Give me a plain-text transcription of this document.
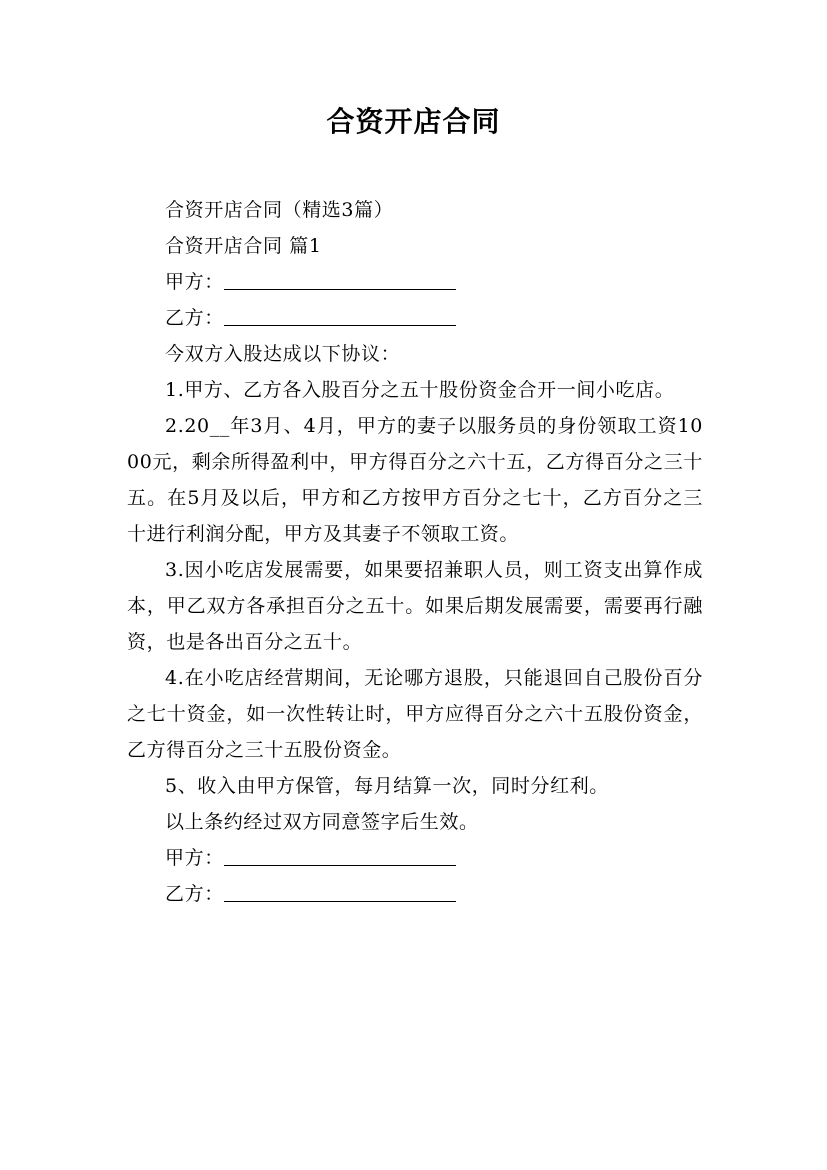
合资开店合同

合资开店合同（精选3篇）

合资开店合同 篇1

甲方：
乙方：

今双方入股达成以下协议：

1.甲方、乙方各入股百分之五十股份资金合开一间小吃店。

2.20__年3月、4月，甲方的妻子以服务员的身份领取工资1000元，剩余所得盈利中，甲方得百分之六十五，乙方得百分之三十五。在5月及以后，甲方和乙方按甲方百分之七十，乙方百分之三十进行利润分配，甲方及其妻子不领取工资。

3.因小吃店发展需要，如果要招兼职人员，则工资支出算作成本，甲乙双方各承担百分之五十。如果后期发展需要，需要再行融资，也是各出百分之五十。

4.在小吃店经营期间，无论哪方退股，只能退回自己股份百分之七十资金，如一次性转让时，甲方应得百分之六十五股份资金，乙方得百分之三十五股份资金。

5、收入由甲方保管，每月结算一次，同时分红利。

以上条约经过双方同意签字后生效。

甲方：
乙方：
